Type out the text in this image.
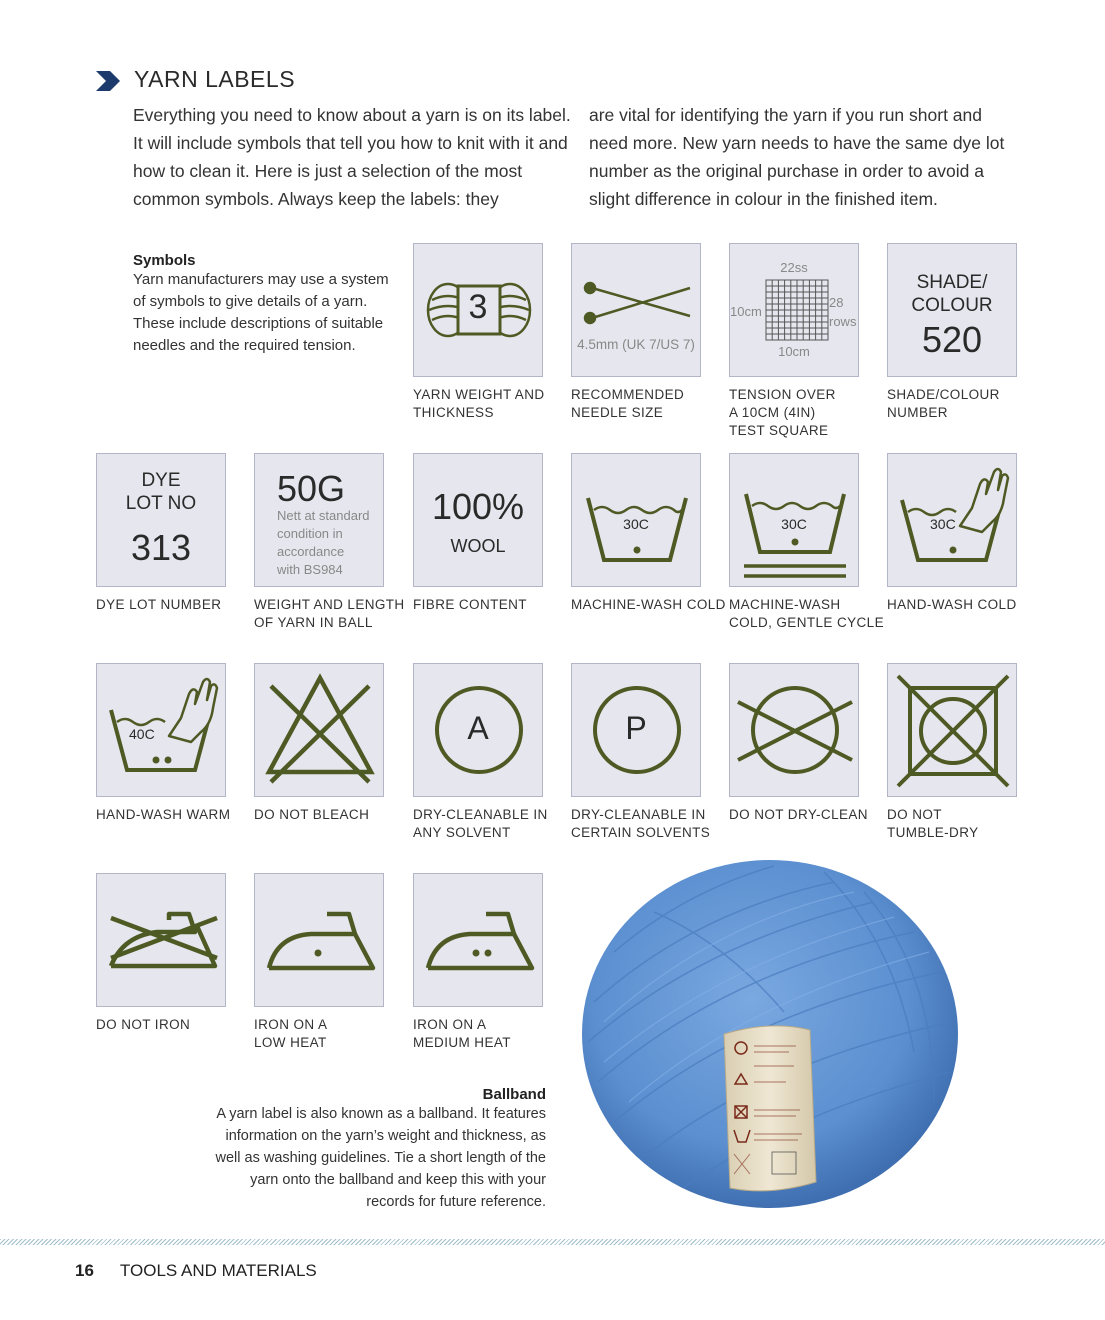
YARN LABELS
Everything you need to know about a yarn is on its label. It will include symbols that tell you how to knit with it and how to clean it. Here is just a selection of the most common symbols. Always keep the labels: they
are vital for identifying the yarn if you run short and need more. New yarn needs to have the same dye lot number as the original purchase in order to avoid a slight difference in colour in the finished item.
Symbols
Yarn manufacturers may use a system of symbols to give details of a yarn. These include descriptions of suitable needles and the required tension.
3
4.5mm (UK 7/US 7)
22ss
10cm
28
rows
10cm
SHADE/
COLOUR
520
YARN WEIGHT AND
THICKNESS
RECOMMENDED
NEEDLE SIZE
TENSION OVER
A 10CM (4IN)
TEST SQUARE
SHADE/COLOUR
NUMBER
DYE
LOT NO
313
50G
Nett at standard
condition in
accordance
with BS984
100%
WOOL
30C	30C	30C
DYE LOT NUMBER WEIGHT AND LENGTH
OF YARN IN BALL
FIBRE CONTENT	MACHINE-WASH COLD MACHINE-WASH
COLD, GENTLE CYCLE
HAND-WASH COLD
40C	A	P
HAND-WASH WARM DO NOT BLEACH	DRY-CLEANABLE IN
ANY SOLVENT
DRY-CLEANABLE IN
CERTAIN SOLVENTS
DO NOT DRY-CLEAN DO NOT
TUMBLE-DRY
DO NOT IRON	IRON ON A
LOW HEAT
IRON ON A
MEDIUM HEAT
Ballband
A yarn label is also known as a ballband. It features information on the yarn’s weight and thickness, as well as washing guidelines. Tie a short length of the yarn onto the ballband and keep this with your records for future reference.
16 TOOLS AND MATERIALS
